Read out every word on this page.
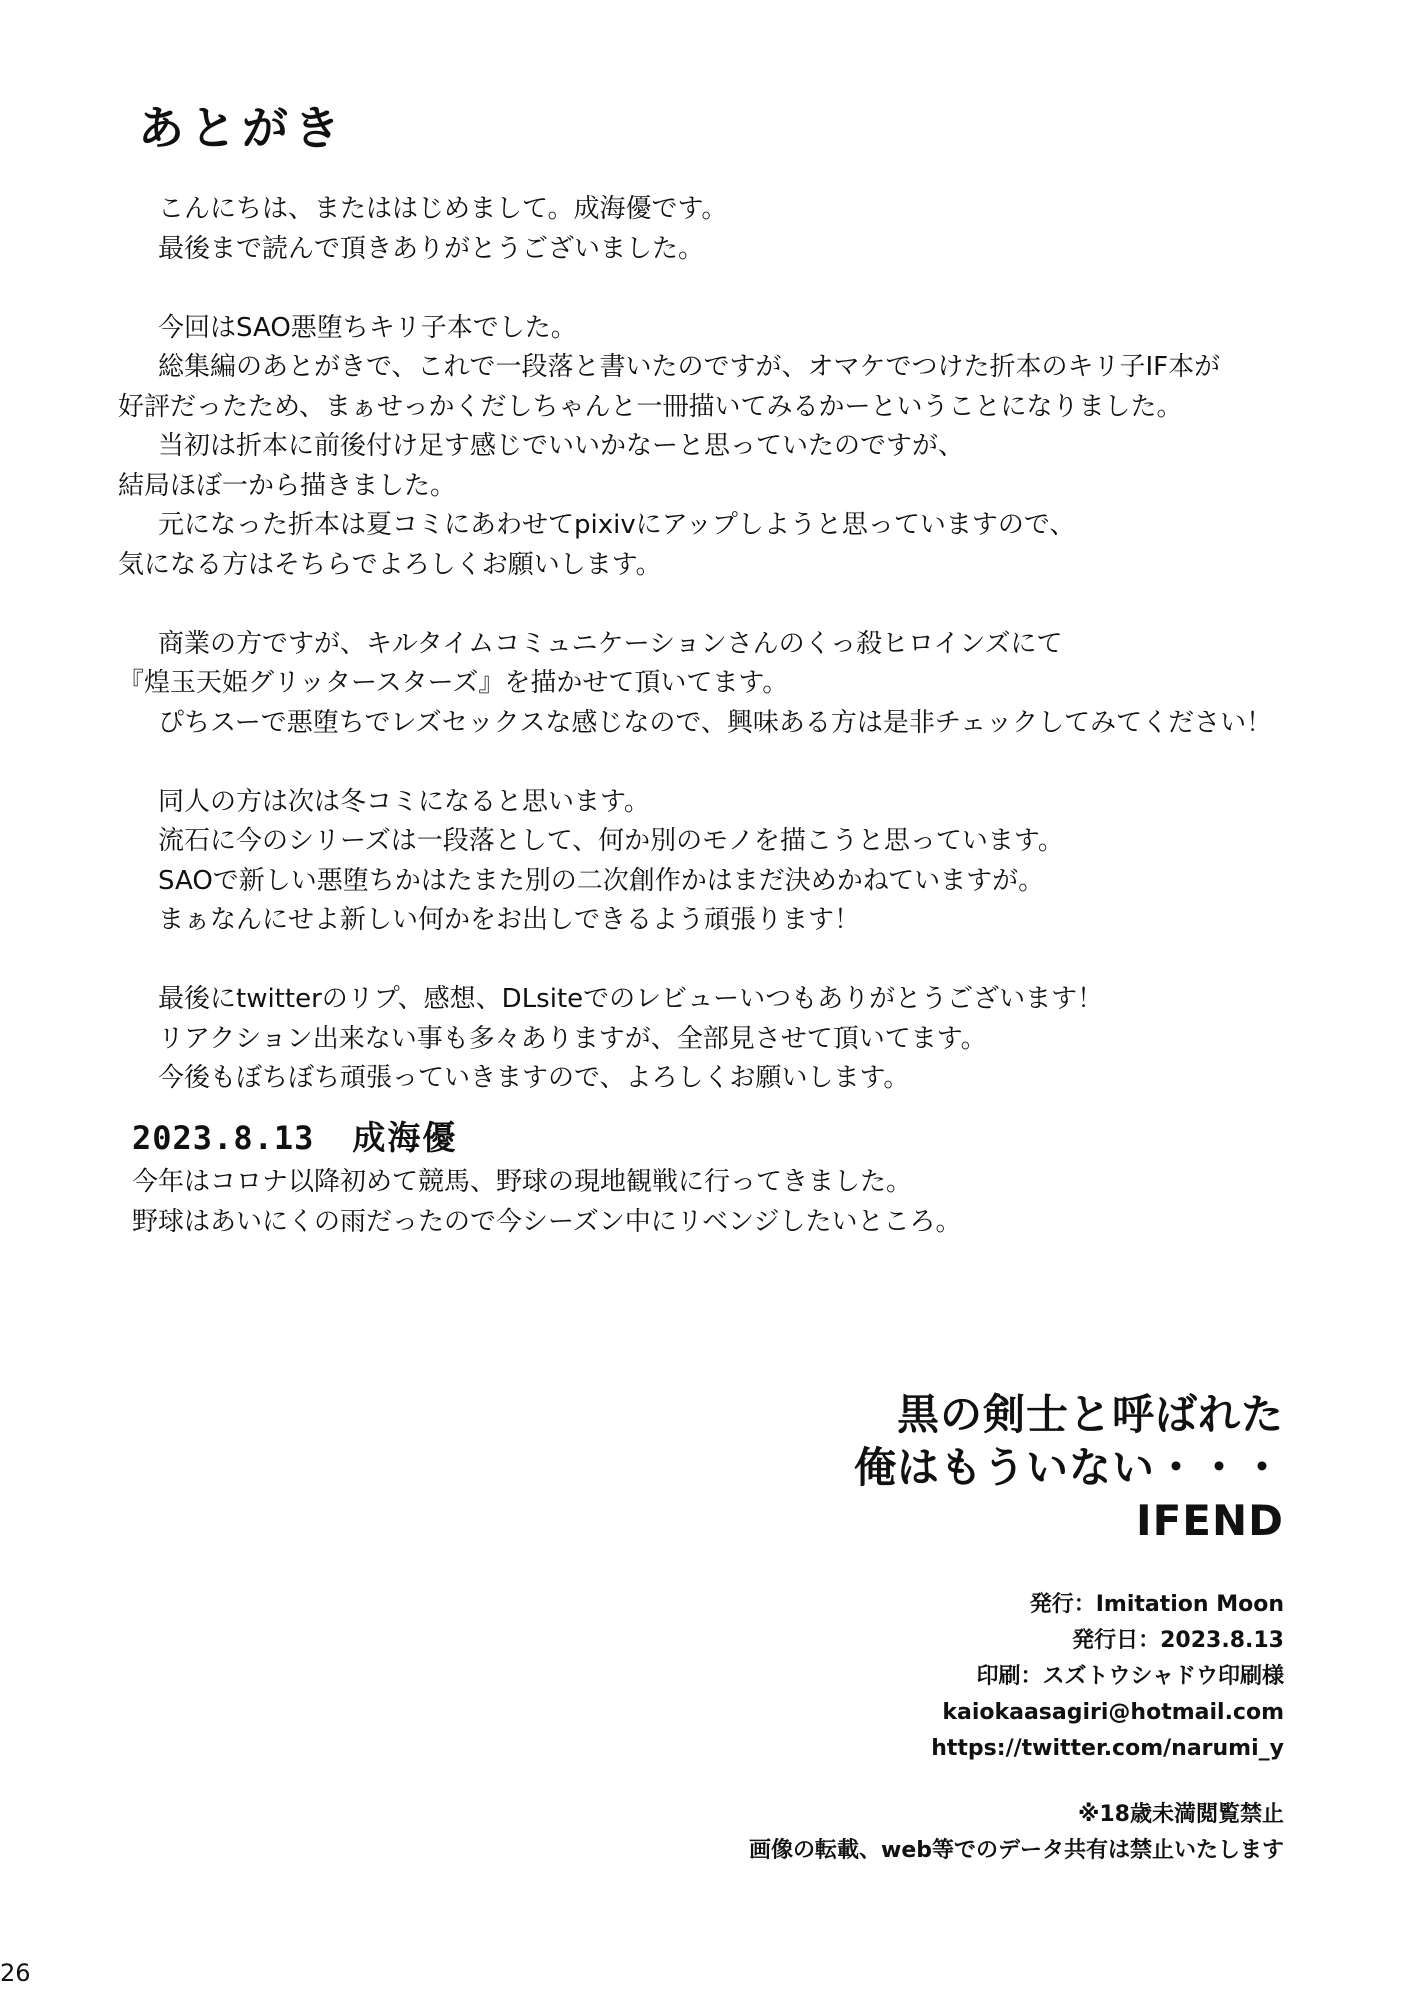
あとがき
こんにちは、またははじめまして。成海優です。
最後まで読んで頂きありがとうございました。
今回はSAO悪堕ちキリ子本でした。
総集編のあとがきで、これで一段落と書いたのですが、オマケでつけた折本のキリ子IF本が
好評だったため、まぁせっかくだしちゃんと一冊描いてみるかーということになりました。
当初は折本に前後付け足す感じでいいかなーと思っていたのですが、
結局ほぼ一から描きました。
元になった折本は夏コミにあわせてpixivにアップしようと思っていますので、
気になる方はそちらでよろしくお願いします。
商業の方ですが、キルタイムコミュニケーションさんのくっ殺ヒロインズにて
『煌玉天姫グリッタースターズ』を描かせて頂いてます。
ぴちスーで悪堕ちでレズセックスな感じなので、興味ある方は是非チェックしてみてください！
同人の方は次は冬コミになると思います。
流石に今のシリーズは一段落として、何か別のモノを描こうと思っています。
SAOで新しい悪堕ちかはたまた別の二次創作かはまだ決めかねていますが。
まぁなんにせよ新しい何かをお出しできるよう頑張ります！
最後にtwitterのリプ、感想、DLsiteでのレビューいつもありがとうございます！
リアクション出来ない事も多々ありますが、全部見させて頂いてます。
今後もぼちぼち頑張っていきますので、よろしくお願いします。
2023.8.13 成海優
今年はコロナ以降初めて競馬、野球の現地観戦に行ってきました。
野球はあいにくの雨だったので今シーズン中にリベンジしたいところ。
黒の剣士と呼ばれた
俺はもういない・・・
IFEND
発行：Imitation Moon
発行日：2023.8.13
印刷：スズトウシャドウ印刷様
kaiokaasagiri@hotmail.com
https://twitter.com/narumi_y
※18歳未満閲覧禁止
画像の転載、web等でのデータ共有は禁止いたします
26
